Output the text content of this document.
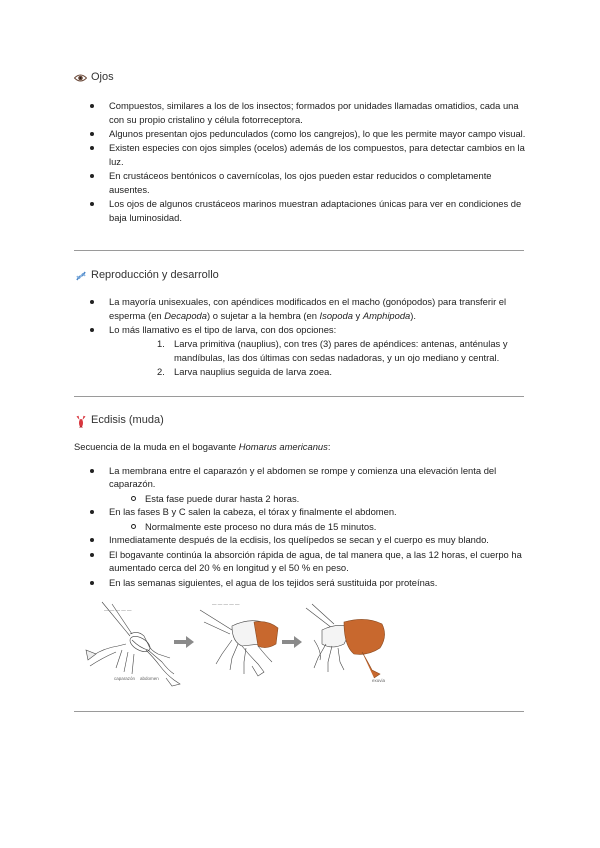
Ojos
Compuestos, similares a los de los insectos; formados por unidades llamadas omatidios, cada una con su propio cristalino y célula fotorreceptora.
Algunos presentan ojos pedunculados (como los cangrejos), lo que les permite mayor campo visual.
Existen especies con ojos simples (ocelos) además de los compuestos, para detectar cambios en la luz.
En crustáceos bentónicos o cavernícolas, los ojos pueden estar reducidos o completamente ausentes.
Los ojos de algunos crustáceos marinos muestran adaptaciones únicas para ver en condiciones de baja luminosidad.
Reproducción y desarrollo
La mayoría unisexuales, con apéndices modificados en el macho (gonópodos) para transferir el esperma (en Decapoda) o sujetar a la hembra (en Isopoda y Amphipoda).
Lo más llamativo es el tipo de larva, con dos opciones:
1. Larva primitiva (nauplius), con tres (3) pares de apéndices: antenas, anténulas y mandíbulas, las dos últimas con sedas nadadoras, y un ojo mediano y central.
2. Larva nauplius seguida de larva zoea.
Ecdisis (muda)

Secuencia de la muda en el bogavante Homarus americanus:

La membrana entre el caparazón y el abdomen se rompe y comienza una elevación lenta del caparazón.
Esta fase puede durar hasta 2 horas.
En las fases B y C salen la cabeza, el tórax y finalmente el abdomen.
Normalmente este proceso no dura más de 15 minutos.
Inmediatamente después de la ecdisis, los quelípedos se secan y el cuerpo es muy blando.
El bogavante continúa la absorción rápida de agua, de tal manera que, a las 12 horas, el cuerpo ha aumentado cerca del 20 % en longitud y el 50 % en peso.
En las semanas siguientes, el agua de los tejidos será sustituida por proteínas.
— — — — —
caparazón abdomen
— — — — —
exuvia
